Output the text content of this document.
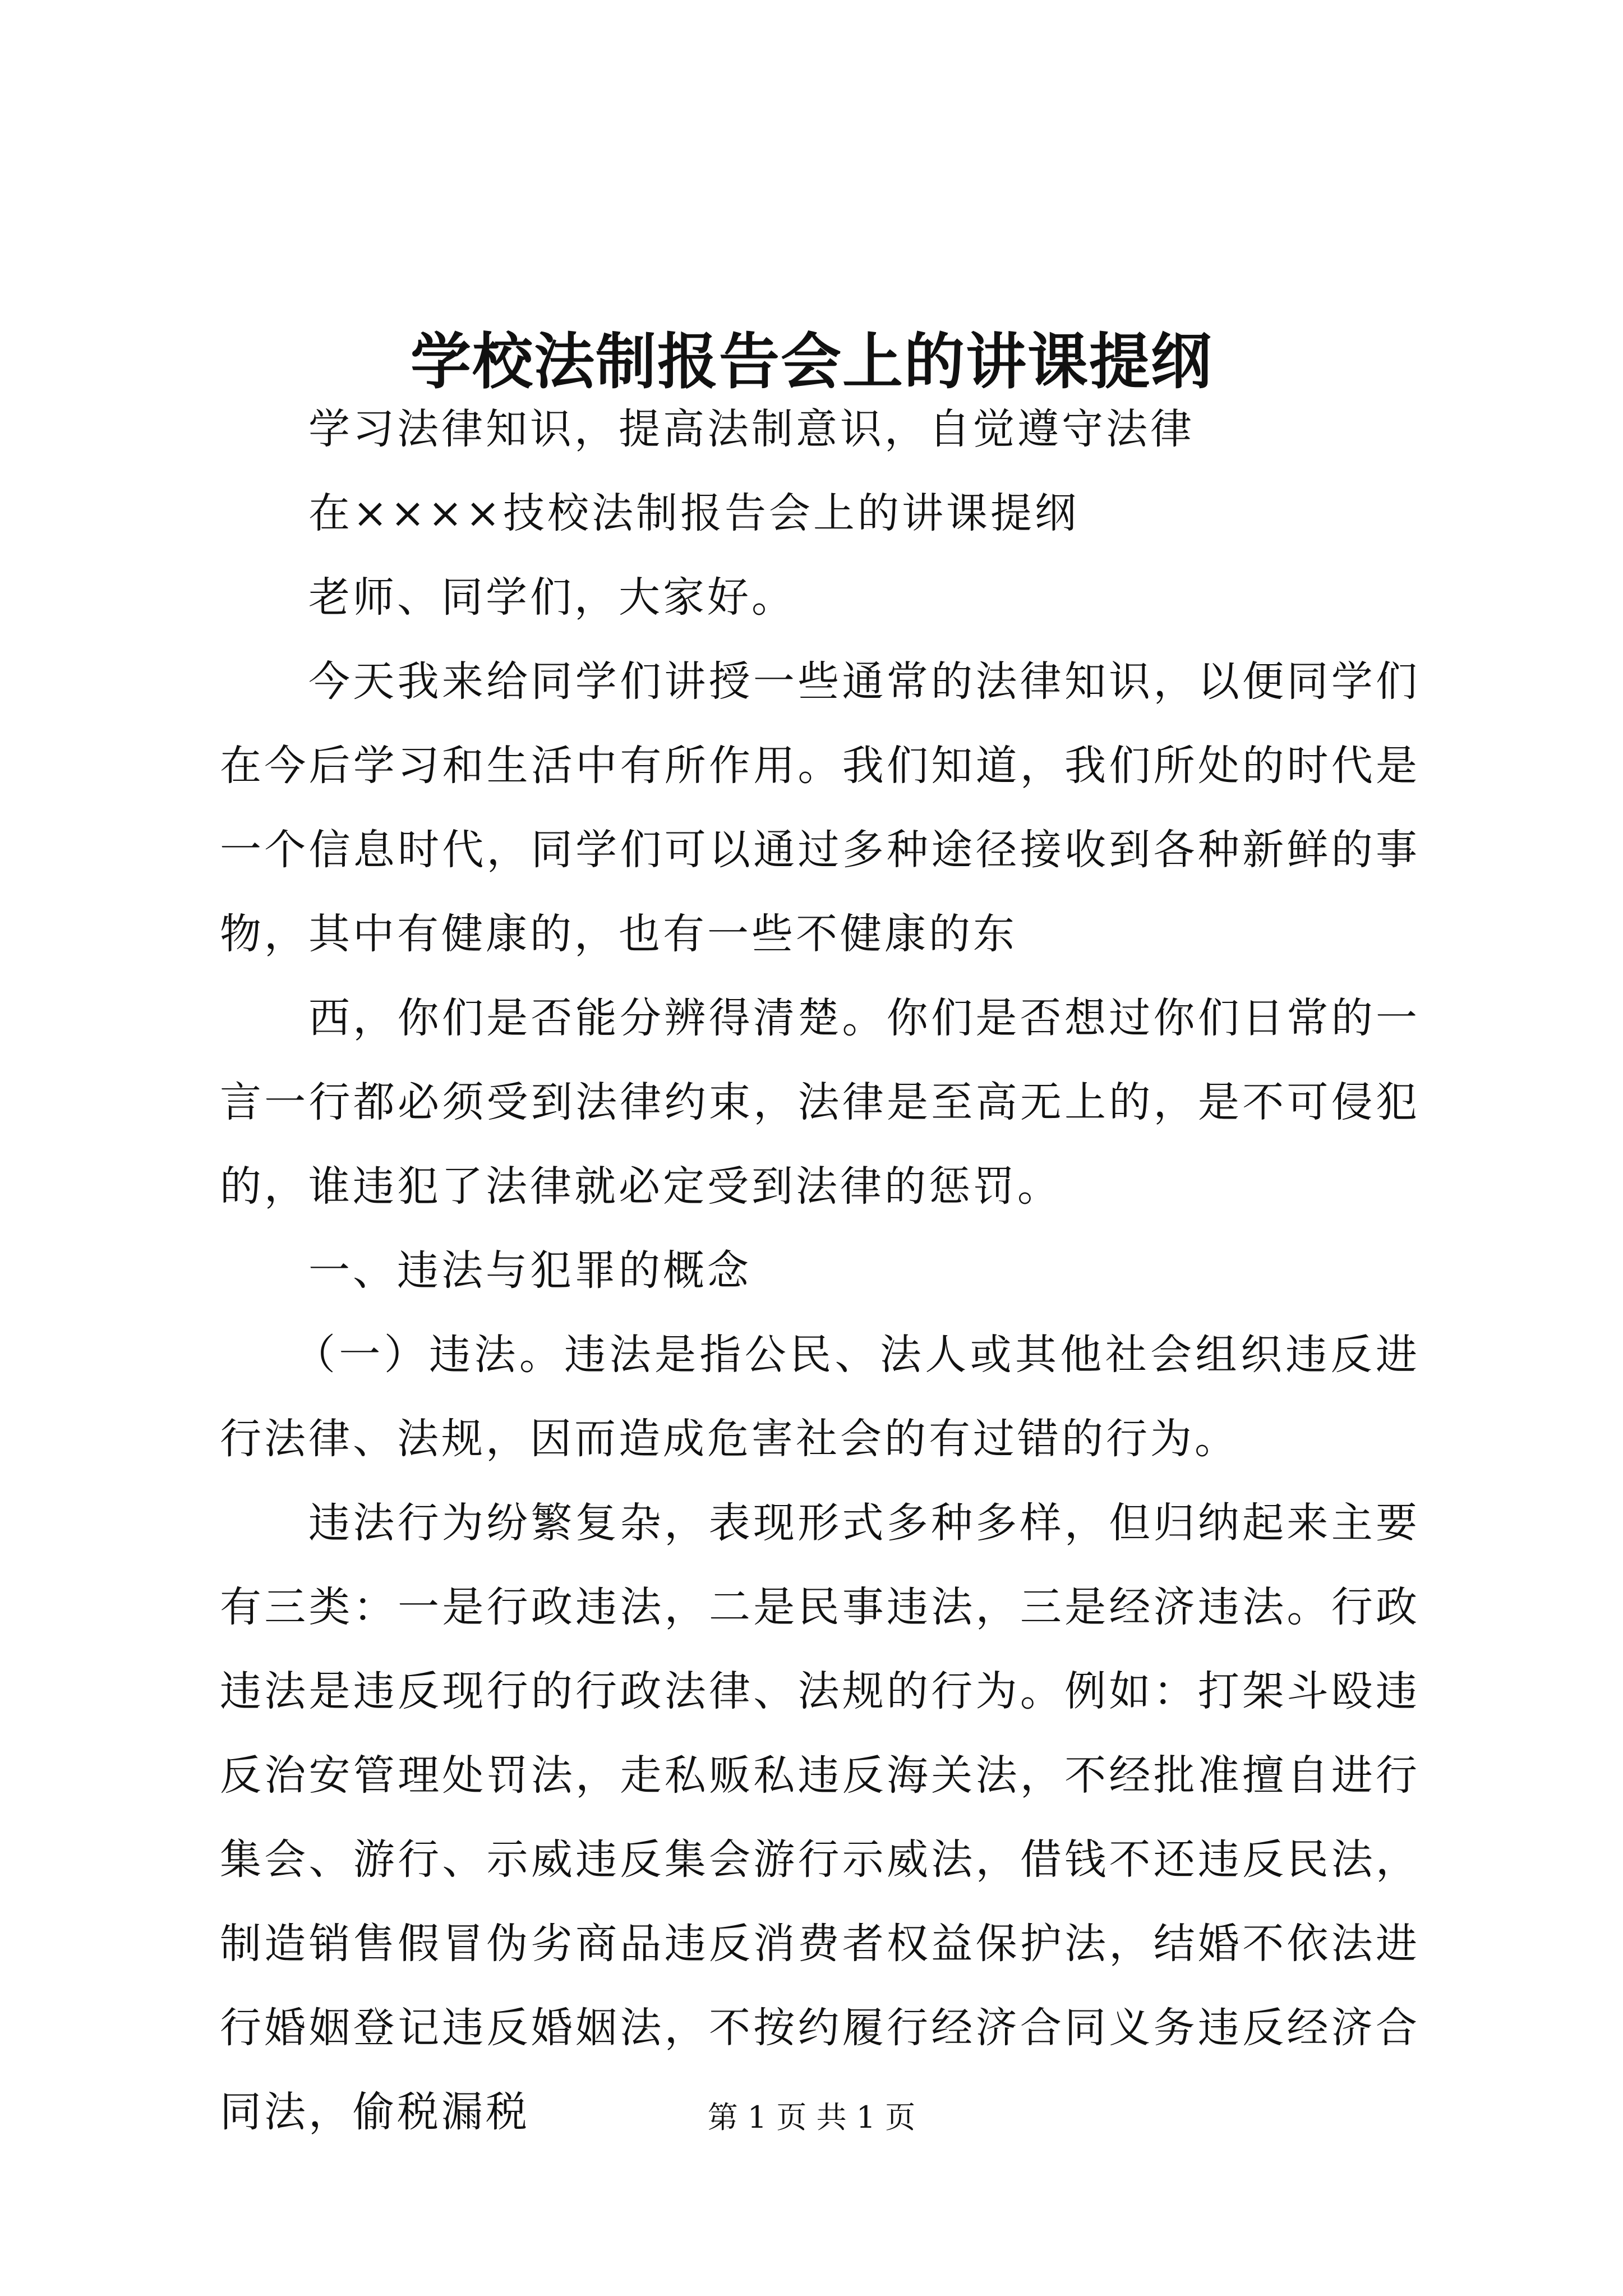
学校法制报告会上的讲课提纲

学习法律知识，提高法制意识，自觉遵守法律

在××××技校法制报告会上的讲课提纲

老师、同学们，大家好。

今天我来给同学们讲授一些通常的法律知识，以便同学们在今后学习和生活中有所作用。我们知道，我们所处的时代是一个信息时代，同学们可以通过多种途径接收到各种新鲜的事物，其中有健康的，也有一些不健康的东

西，你们是否能分辨得清楚。你们是否想过你们日常的一言一行都必须受到法律约束，法律是至高无上的，是不可侵犯的，谁违犯了法律就必定受到法律的惩罚。

一、违法与犯罪的概念

（一）违法。违法是指公民、法人或其他社会组织违反进行法律、法规，因而造成危害社会的有过错的行为。

违法行为纷繁复杂，表现形式多种多样，但归纳起来主要有三类：一是行政违法，二是民事违法，三是经济违法。行政违法是违反现行的行政法律、法规的行为。例如：打架斗殴违反治安管理处罚法，走私贩私违反海关法，不经批准擅自进行集会、游行、示威违反集会游行示威法，借钱不还违反民法，制造销售假冒伪劣商品违反消费者权益保护法，结婚不依法进行婚姻登记违反婚姻法，不按约履行经济合同义务违反经济合同法，偷税漏税	第 1 页 共 1 页
